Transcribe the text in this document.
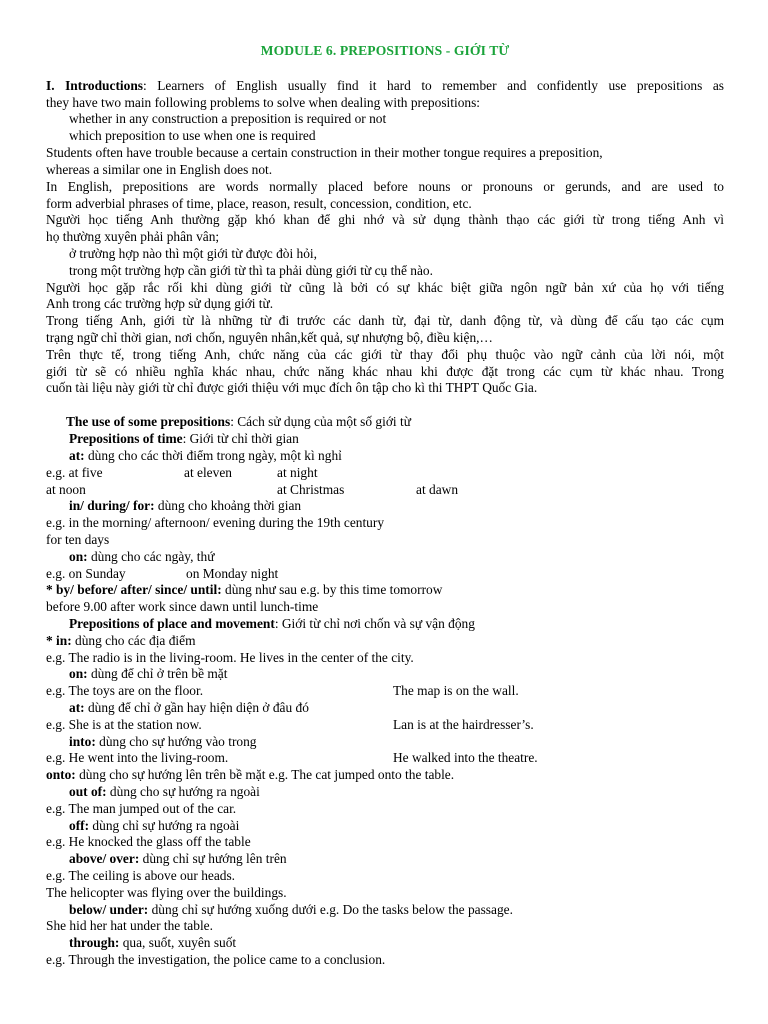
MODULE 6. PREPOSITIONS - GIỚI TỪ
I. Introductions: Learners of English usually find it hard to remember and confidently use prepositions as
they have two main following problems to solve when dealing with prepositions:
whether in any construction a preposition is required or not
which preposition to use when one is required
Students often have trouble because a certain construction in their mother tongue requires a preposition,
whereas a similar one in English does not.
In English, prepositions are words normally placed before nouns or pronouns or gerunds, and are used to
form adverbial phrases of time, place, reason, result, concession, condition, etc.
Người học tiếng Anh thường gặp khó khan để ghi nhớ và sử dụng thành thạo các giới từ trong tiếng Anh vì
họ thường xuyên phải phân vân;
ở trường hợp nào thì một giới từ được đòi hỏi,
trong một trường hợp cần giới từ thì ta phải dùng giới từ cụ thể nào.
Người học gặp rắc rối khi dùng giới từ cũng là bởi có sự khác biệt giữa ngôn ngữ bản xứ của họ với tiếng
Anh trong các trường hợp sử dụng giới từ.
Trong tiếng Anh, giới từ là những từ đi trước các danh từ, đại từ, danh động từ, và dùng để cấu tạo các cụm
trạng ngữ chỉ thời gian, nơi chốn, nguyên nhân,kết quả, sự nhượng bộ, điều kiện,…
Trên thực tế, trong tiếng Anh, chức năng của các giới từ thay đổi phụ thuộc vào ngữ cảnh của lời nói, một
giới từ sẽ có nhiều nghĩa khác nhau, chức năng khác nhau khi được đặt trong các cụm từ khác nhau. Trong
cuốn tài liệu này giới từ chỉ được giới thiệu với mục đích ôn tập cho kì thi THPT Quốc Gia.
The use of some prepositions: Cách sử dụng của một số giới từ
Prepositions of time: Giới từ chỉ thời gian
at: dùng cho các thời điểm trong ngày, một kì nghỉ
e.g. at five	at eleven	at night
at noon	at Christmas	at dawn
in/ during/ for: dùng cho khoảng thời gian
e.g. in the morning/ afternoon/ evening during the 19th century
for ten days
on: dùng cho các ngày, thứ
e.g. on Sunday	on Monday night
* by/ before/ after/ since/ until: dùng như sau e.g. by this time tomorrow
before 9.00 after work since dawn until lunch-time
Prepositions of place and movement: Giới từ chỉ nơi chốn và sự vận động
* in: dùng cho các địa điểm
e.g. The radio is in the living-room. He lives in the center of the city.
on: dùng để chỉ ở trên bề mặt
e.g. The toys are on the floor.	The map is on the wall.
at: dùng để chỉ ở gần hay hiện diện ở đâu đó
e.g. She is at the station now.	Lan is at the hairdresser’s.
into: dùng cho sự hướng vào trong
e.g. He went into the living-room.	He walked into the theatre.
onto: dùng cho sự hướng lên trên bề mặt e.g. The cat jumped onto the table.
out of: dùng cho sự hướng ra ngoài
e.g. The man jumped out of the car.
off: dùng chỉ sự hướng ra ngoài
e.g. He knocked the glass off the table
above/ over: dùng chỉ sự hướng lên trên
e.g. The ceiling is above our heads.
The helicopter was flying over the buildings.
below/ under: dùng chỉ sự hướng xuống dưới e.g. Do the tasks below the passage.
She hid her hat under the table.
through: qua, suốt, xuyên suốt
e.g. Through the investigation, the police came to a conclusion.
